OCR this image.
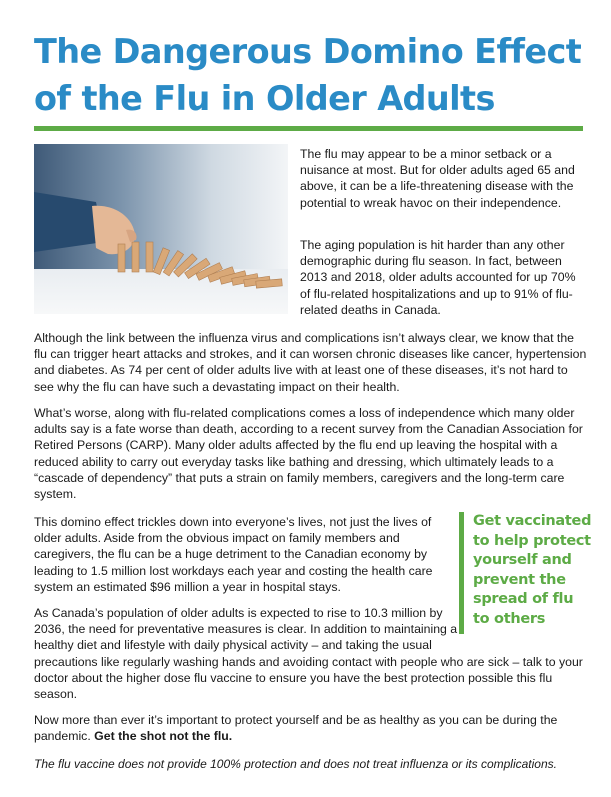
The Dangerous Domino Effect
of the Flu in Older Adults

The flu may appear to be a minor setback or a nuisance at most. But for older adults aged 65 and above, it can be a life-threatening disease with the potential to wreak havoc on their independence.

The aging population is hit harder than any other demographic during flu season. In fact, between 2013 and 2018, older adults accounted for up 70% of flu-related hospitalizations and up to 91% of flu-related deaths in Canada.

Although the link between the influenza virus and complications isn’t always clear, we know that the flu can trigger heart attacks and strokes, and it can worsen chronic diseases like cancer, hypertension and diabetes. As 74 per cent of older adults live with at least one of these diseases, it’s not hard to see why the flu can have such a devastating impact on their health.

What’s worse, along with flu-related complications comes a loss of independence which many older adults say is a fate worse than death, according to a recent survey from the Canadian Association for Retired Persons (CARP). Many older adults affected by the flu end up leaving the hospital with a reduced ability to carry out everyday tasks like bathing and dressing, which ultimately leads to a “cascade of dependency” that puts a strain on family members, caregivers and the long-term care system.

This domino effect trickles down into everyone’s lives, not just the lives of older adults. Aside from the obvious impact on family members and caregivers, the flu can be a huge detriment to the Canadian economy by leading to 1.5 million lost workdays each year and costing the health care system an estimated $96 million a year in hospital stays.

As Canada’s population of older adults is expected to rise to 10.3 million by 2036, the need for preventative measures is clear. In addition to maintaining a healthy diet and lifestyle with daily physical activity – and taking the usual precautions like regularly washing hands and avoiding contact with people who are sick – talk to your doctor about the higher dose flu vaccine to ensure you have the best protection possible this flu season.

Now more than ever it’s important to protect yourself and be as healthy as you can be during the pandemic. Get the shot not the flu.

The flu vaccine does not provide 100% protection and does not treat influenza or its complications.

Get vaccinated
to help protect
yourself and
prevent the
spread of flu
to others
